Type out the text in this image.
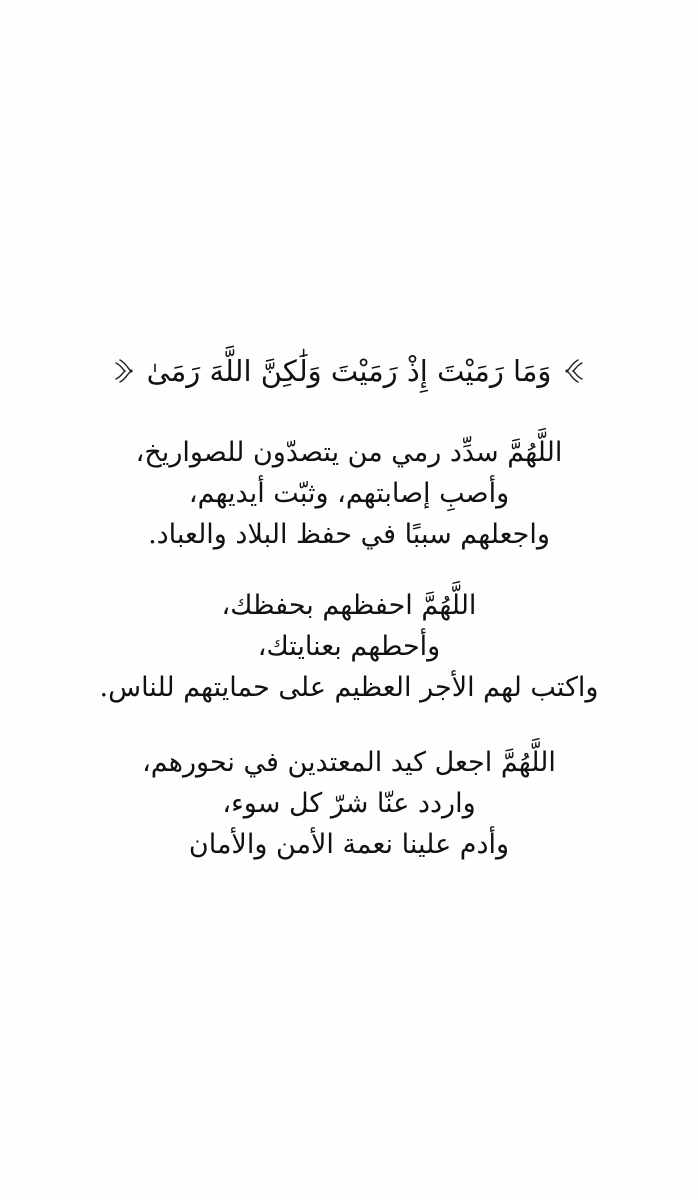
وَمَا رَمَيْتَ إِذْ رَمَيْتَ وَلَٰكِنَّ اللَّهَ رَمَىٰ
اللَّهُمَّ سدِّد رمي من يتصدّون للصواريخ،
وأصبِ إصابتهم، وثبّت أيديهم،
واجعلهم سببًا في حفظ البلاد والعباد.
اللَّهُمَّ احفظهم بحفظك،
وأحطهم بعنايتك،
واكتب لهم الأجر العظيم على حمايتهم للناس.
اللَّهُمَّ اجعل كيد المعتدين في نحورهم،
واردد عنّا شرّ كل سوء،
وأدم علينا نعمة الأمن والأمان
